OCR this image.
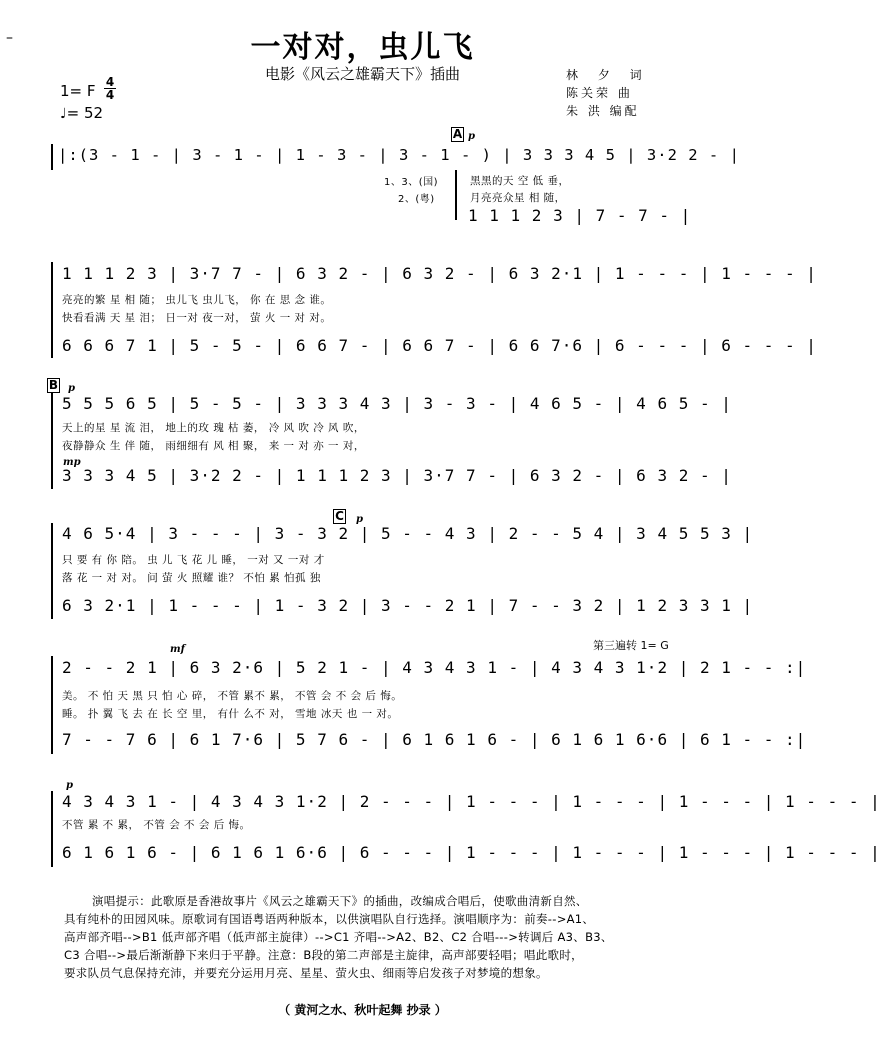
–	一对对，虫儿飞
电影《风云之雄霸天下》插曲
1= F 4
4
♩= 52
林 夕 词
陈关荣 曲
朱 洪 编配
A p
|:(3 - 1 - | 3 - 1 - | 1 - 3 - | 3 - 1 - ) | 3 3 3 4 5 | 3·2 2 - |
1、3、(国)
2、(粤)
黑黑的天 空 低 垂，
月亮亮众星 相 随，
1 1 1 2 3 | 7 - 7 - |
1 1 1 2 3 | 3·7 7 - | 6 3 2 - | 6 3 2 - | 6 3 2·1 | 1 - - - | 1 - - - |
亮亮的繁 星 相 随； 虫儿飞 虫儿飞， 你 在 思 念 谁。
快看看满 天 星 泪； 日一对 夜一对， 萤 火 一 对 对。
6 6 6 7 1 | 5 - 5 - | 6 6 7 - | 6 6 7 - | 6 6 7·6 | 6 - - - | 6 - - - |
B p
5 5 5 6 5 | 5 - 5 - | 3 3 3 4 3 | 3 - 3 - | 4 6 5 - | 4 6 5 - |
天上的星 星 流 泪， 地上的玫 瑰 枯 萎， 冷 风 吹 冷 风 吹，
夜静静众 生 伴 随， 雨细细有 风 相 聚， 来 一 对 亦 一 对，
mp
3 3 3 4 5 | 3·2 2 - | 1 1 1 2 3 | 3·7 7 - | 6 3 2 - | 6 3 2 - |
C p
4 6 5·4 | 3 - - - | 3 - 3 2 | 5 - - 4 3 | 2 - - 5 4 | 3 4 5 5 3 |
只 要 有 你 陪。 虫 儿 飞 花 儿 睡， 一对 又 一对 才
落 花 一 对 对。 问 萤 火 照耀 谁？ 不怕 累 怕孤 独
6 3 2·1 | 1 - - - | 1 - 3 2 | 3 - - 2 1 | 7 - - 3 2 | 1 2 3 3 1 |
第三遍转 1= G
mf
2 - - 2 1 | 6 3 2·6 | 5 2 1 - | 4 3 4 3 1 - | 4 3 4 3 1·2 | 2 1 - - :|
美。 不 怕 天 黑 只 怕 心 碎， 不管 累不 累， 不管 会 不 会 后 悔。
睡。 扑 翼 飞 去 在 长 空 里， 有什 么不 对， 雪地 冰天 也 一 对。
7 - - 7 6 | 6 1 7·6 | 5 7 6 - | 6 1 6 1 6 - | 6 1 6 1 6·6 | 6 1 - - :|
p
4 3 4 3 1 - | 4 3 4 3 1·2 | 2 - - - | 1 - - - | 1 - - - | 1 - - - | 1 - - - |
不管 累 不 累， 不管 会 不 会 后 悔。
6 1 6 1 6 - | 6 1 6 1 6·6 | 6 - - - | 1 - - - | 1 - - - | 1 - - - | 1 - - - |
演唱提示：此歌原是香港故事片《风云之雄霸天下》的插曲，改编成合唱后，使歌曲清新自然、
具有纯朴的田园风味。原歌词有国语粤语两种版本，以供演唱队自行选择。演唱顺序为：前奏-->A1、
高声部齐唱-->B1 低声部齐唱（低声部主旋律）-->C1 齐唱-->A2、B2、C2 合唱--->转调后 A3、B3、
C3 合唱-->最后渐渐静下来归于平静。注意：B段的第二声部是主旋律，高声部要轻唱；唱此歌时，
要求队员气息保持充沛，并要充分运用月亮、星星、萤火虫、细雨等启发孩子对梦境的想象。
（ 黄河之水、秋叶起舞 抄录 ）
